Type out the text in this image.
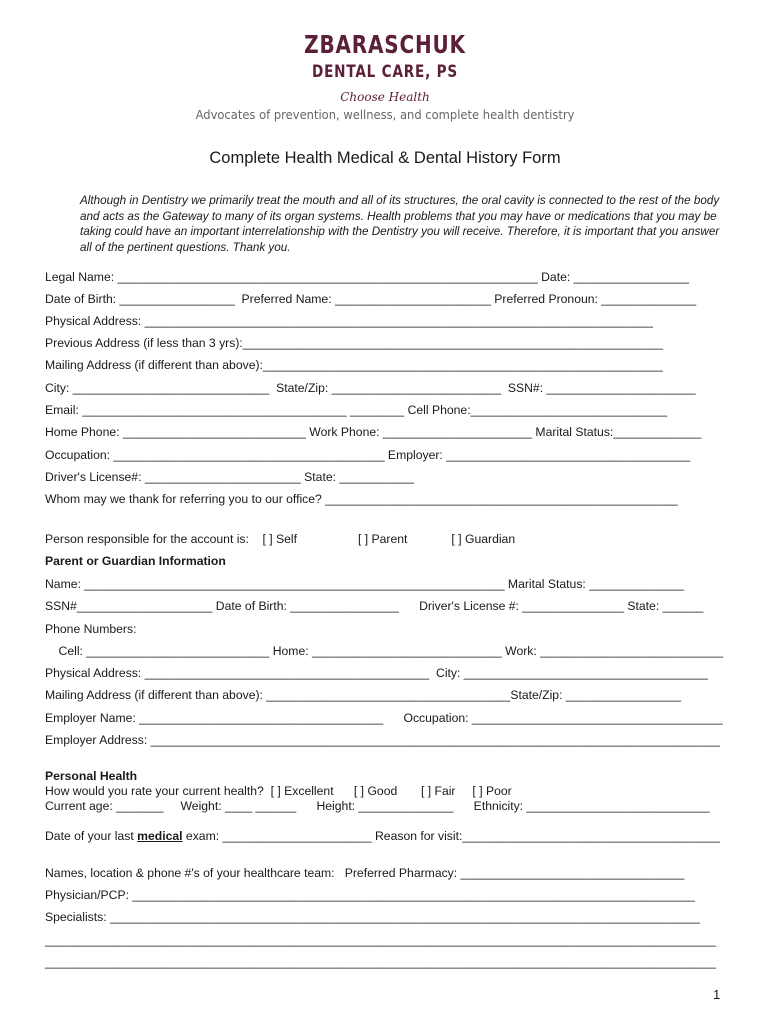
ZBARASCHUK
DENTAL CARE, PS
Choose Health
Advocates of prevention, wellness, and complete health dentistry
Complete Health Medical & Dental History Form
Although in Dentistry we primarily treat the mouth and all of its structures, the oral cavity is connected to the rest of the body and acts as the Gateway to many of its organ systems. Health problems that you may have or medications that you may be taking could have an important interrelationship with the Dentistry you will receive. Therefore, it is important that you answer all of the pertinent questions. Thank you.
Legal Name: ______________________________________________________________ Date: _________________
Date of Birth: _________________  Preferred Name: _______________________ Preferred Pronoun: ______________
Physical Address: ___________________________________________________________________________
Previous Address (if less than 3 yrs):______________________________________________________________
Mailing Address (if different than above):___________________________________________________________
City: _____________________________  State/Zip: _________________________  SSN#: ______________________
Email: _______________________________________ ________ Cell Phone:_____________________________
Home Phone: ___________________________ Work Phone: ______________________ Marital Status:_____________
Occupation: ________________________________________ Employer: ____________________________________
Driver's License#: _______________________ State: ___________
Whom may we thank for referring you to our office? ____________________________________________________
Person responsible for the account is:    [ ] Self                  [ ] Parent             [ ] Guardian
Parent or Guardian Information
Name: ______________________________________________________________ Marital Status: ______________
SSN#____________________ Date of Birth: ________________      Driver's License #: _______________ State: ______
Phone Numbers:
Cell: ___________________________ Home: ____________________________ Work: ___________________________
Physical Address: __________________________________________  City: ____________________________________
Mailing Address (if different than above): ____________________________________State/Zip: _________________
Employer Name: ____________________________________      Occupation: _____________________________________
Employer Address: ____________________________________________________________________________________
Personal Health
How would you rate your current health?  [ ] Excellent      [ ] Good       [ ] Fair     [ ] Poor
Current age: _______     Weight: ____ ______      Height: ______________      Ethnicity: ___________________________
Date of your last medical exam: ______________________ Reason for visit:______________________________________
Names, location & phone #'s of your healthcare team:   Preferred Pharmacy: _________________________________
Physician/PCP: ___________________________________________________________________________________
Specialists: _______________________________________________________________________________________
___________________________________________________________________________________________________
___________________________________________________________________________________________________
1
